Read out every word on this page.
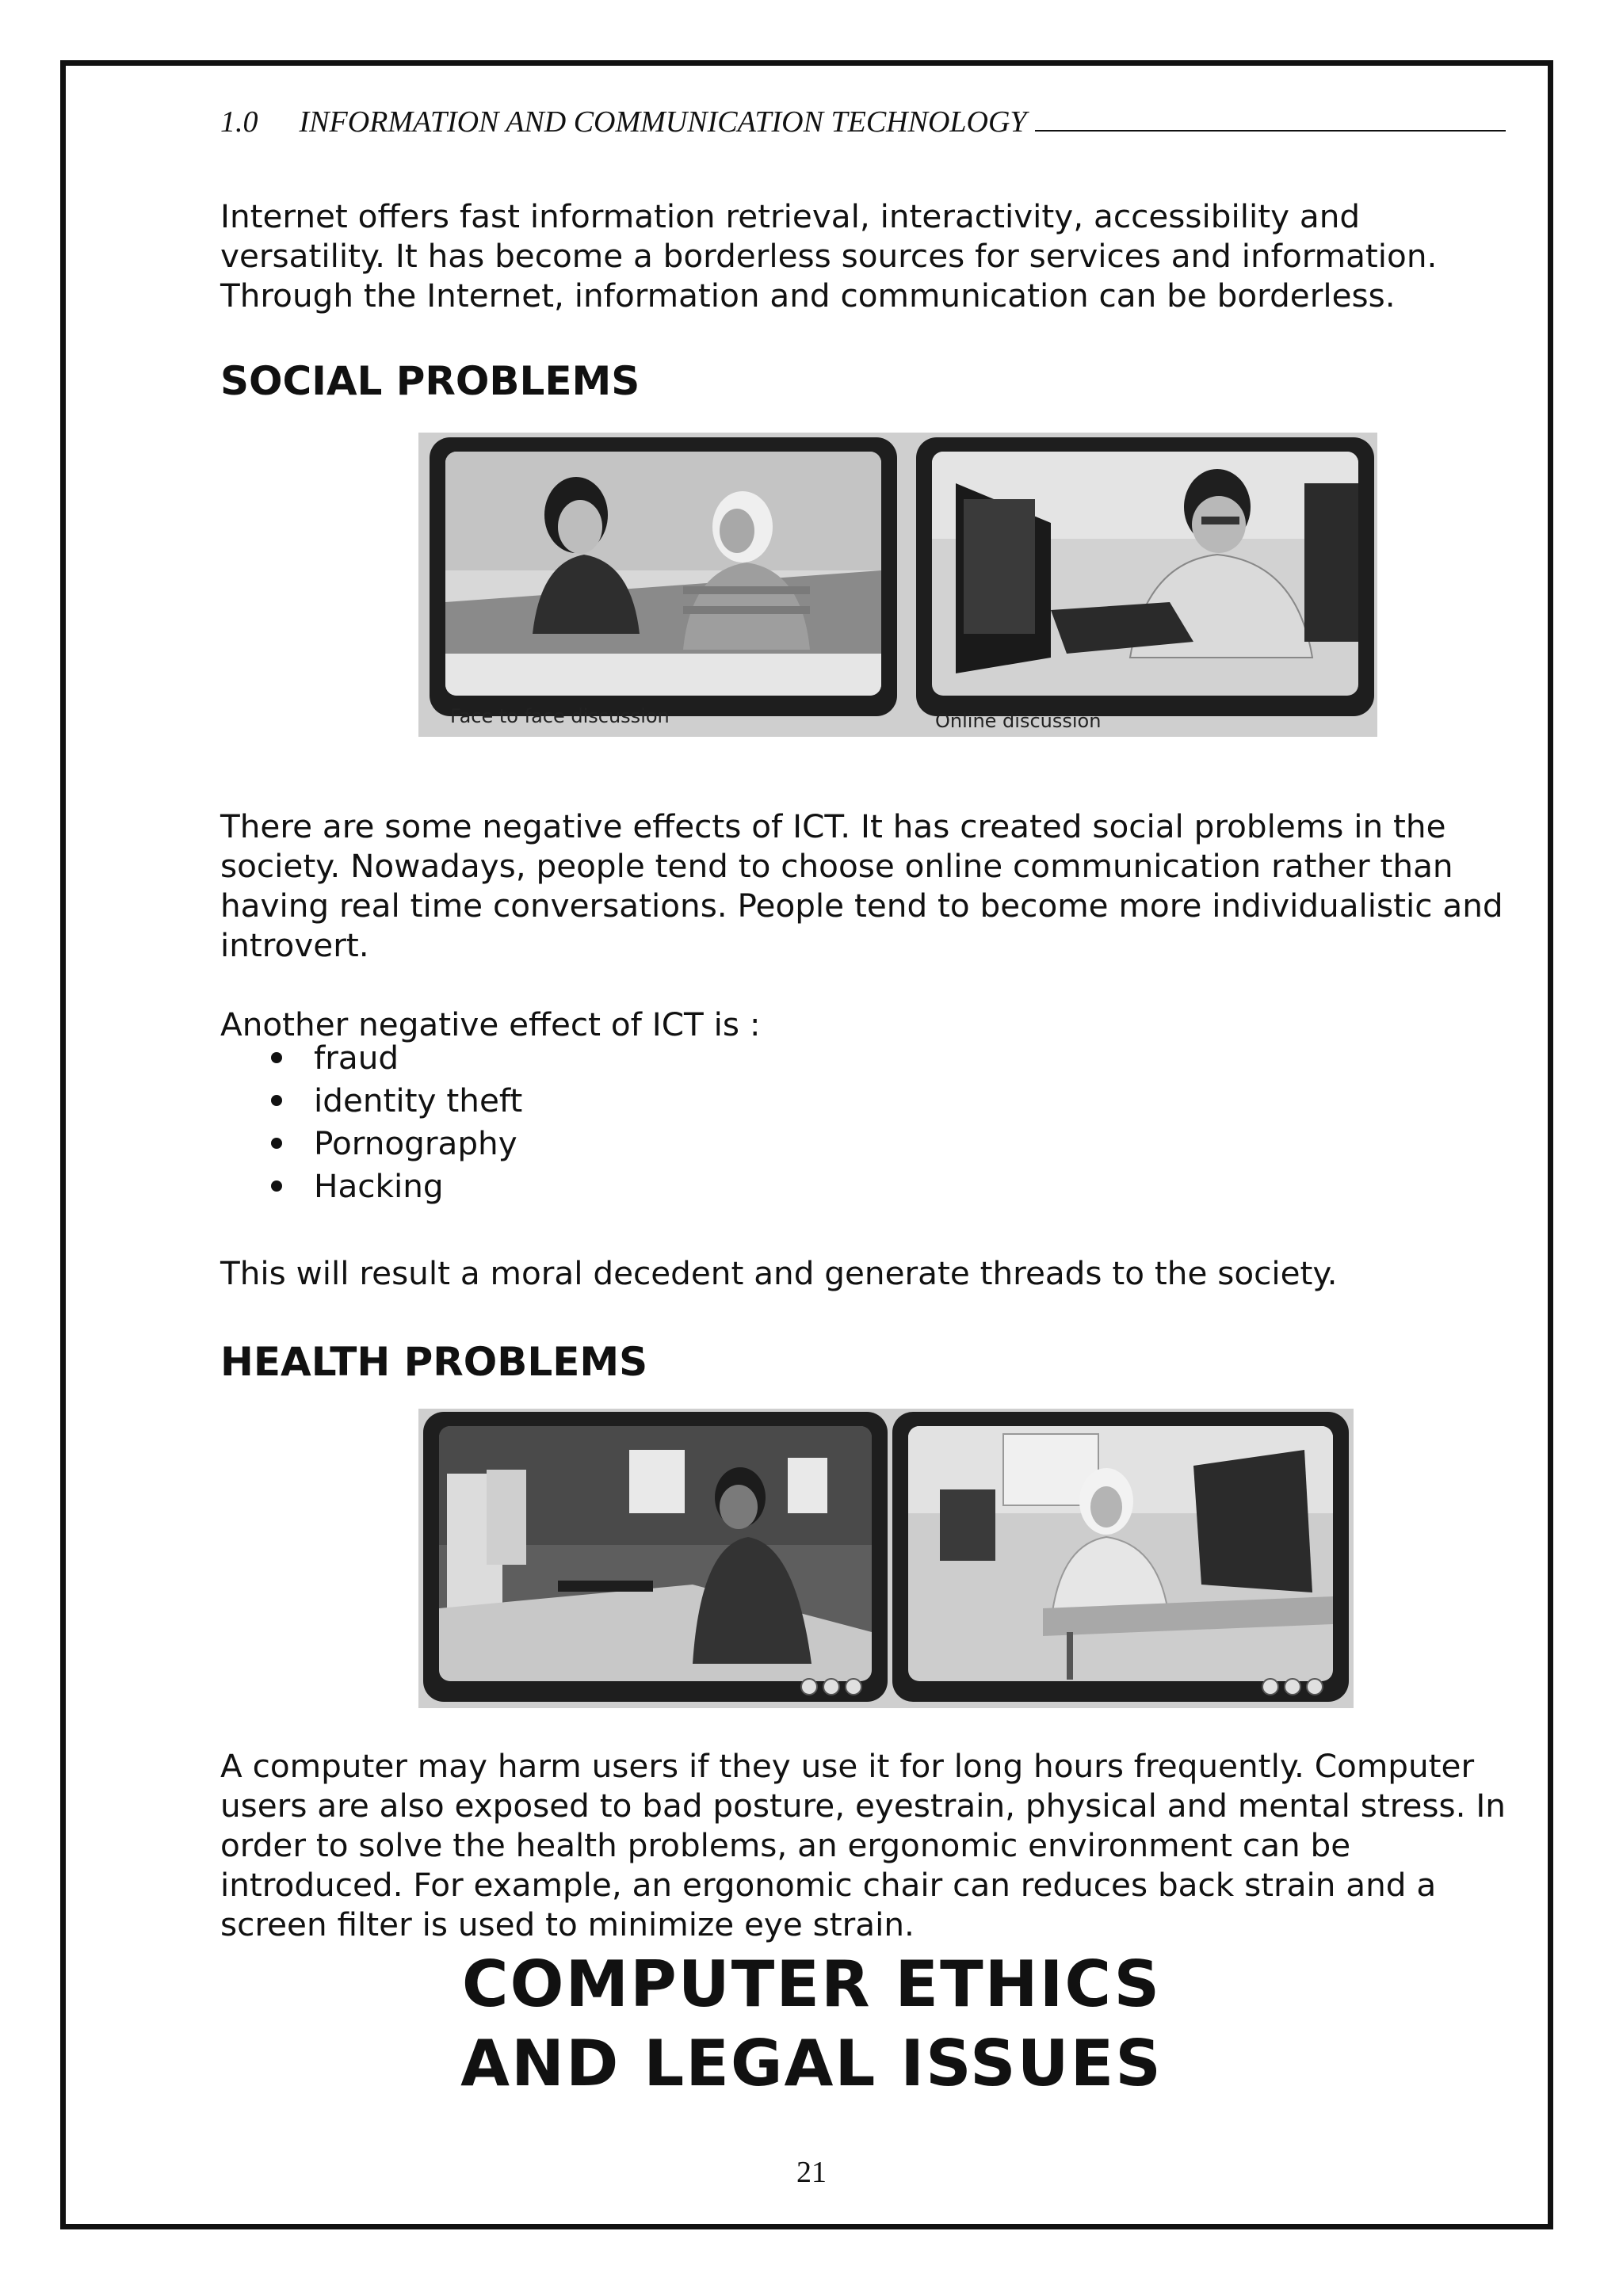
1.0 INFORMATION AND COMMUNICATION TECHNOLOGY

Internet offers fast information retrieval, interactivity, accessibility and versatility. It has become a borderless sources for services and information. Through the Internet, information and communication can be borderless.

SOCIAL PROBLEMS
Face to face discussion	Online discussion

There are some negative effects of ICT. It has created social problems in the society. Nowadays, people tend to choose online communication rather than having real time conversations. People tend to become more individualistic and introvert.

Another negative effect of ICT is :

fraud
identity theft
Pornography
Hacking

This will result a moral decedent and generate threads to the society.

HEALTH PROBLEMS

A computer may harm users if they use it for long hours frequently. Computer users are also exposed to bad posture, eyestrain, physical and mental stress. In order to solve the health problems, an ergonomic environment can be introduced. For example, an ergonomic chair can reduces back strain and a screen filter is used to minimize eye strain.

COMPUTER ETHICS
AND LEGAL ISSUES
21
